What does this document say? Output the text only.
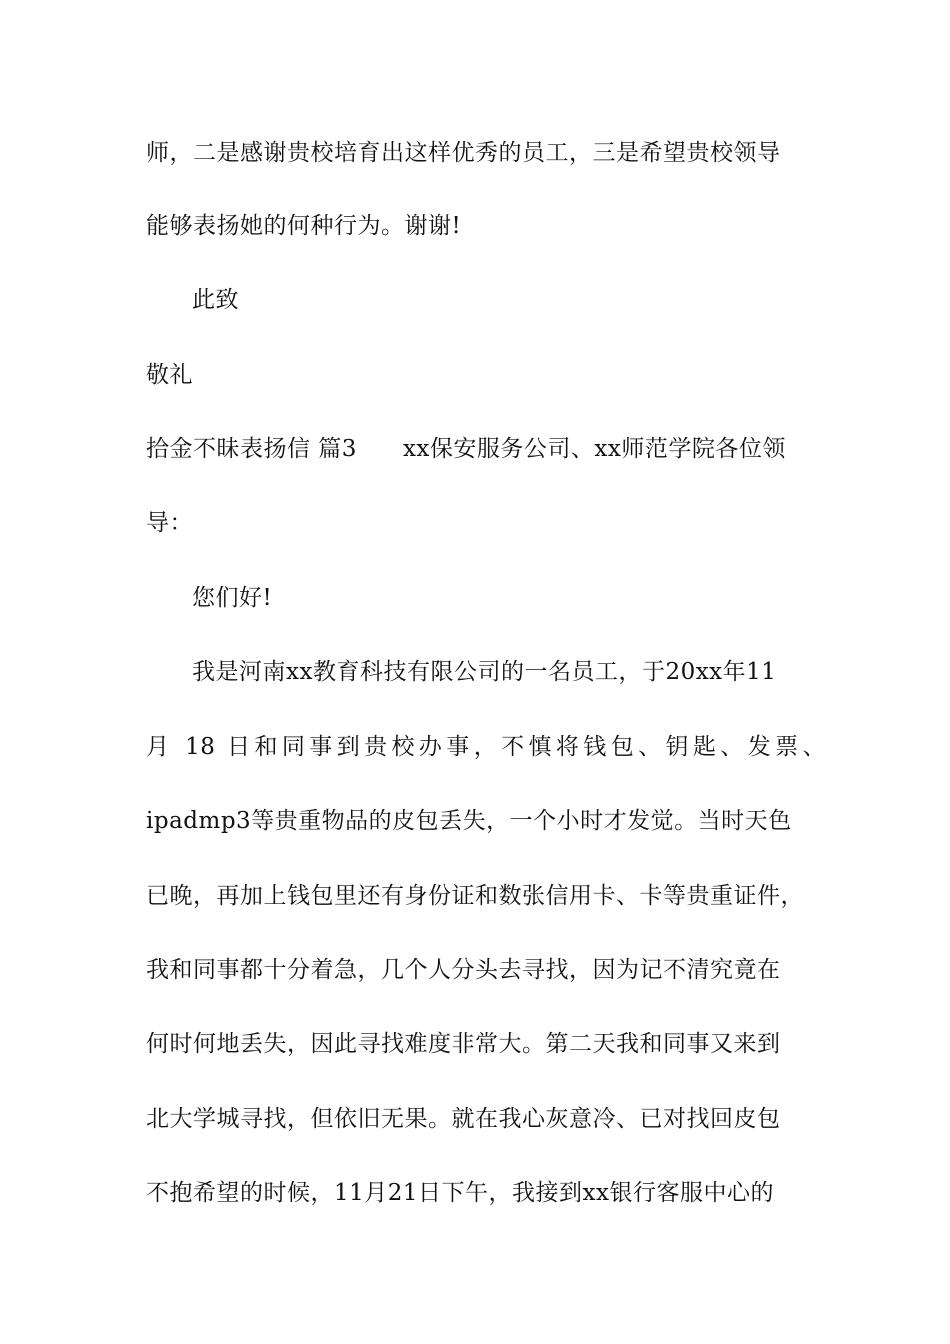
师，二是感谢贵校培育出这样优秀的员工，三是希望贵校领导
能够表扬她的何种行为。谢谢!
此致
敬礼
拾金不昧表扬信 篇3 xx保安服务公司、xx师范学院各位领
导：
您们好!
我是河南xx教育科技有限公司的一名员工，于20xx年11
月 18 日和同事到贵校办事，不慎将钱包、钥匙、发票、
ipadmp3等贵重物品的皮包丢失，一个小时才发觉。当时天色
已晚，再加上钱包里还有身份证和数张信用卡、卡等贵重证件，
我和同事都十分着急，几个人分头去寻找，因为记不清究竟在
何时何地丢失，因此寻找难度非常大。第二天我和同事又来到
北大学城寻找，但依旧无果。就在我心灰意冷、已对找回皮包
不抱希望的时候，11月21日下午，我接到xx银行客服中心的
